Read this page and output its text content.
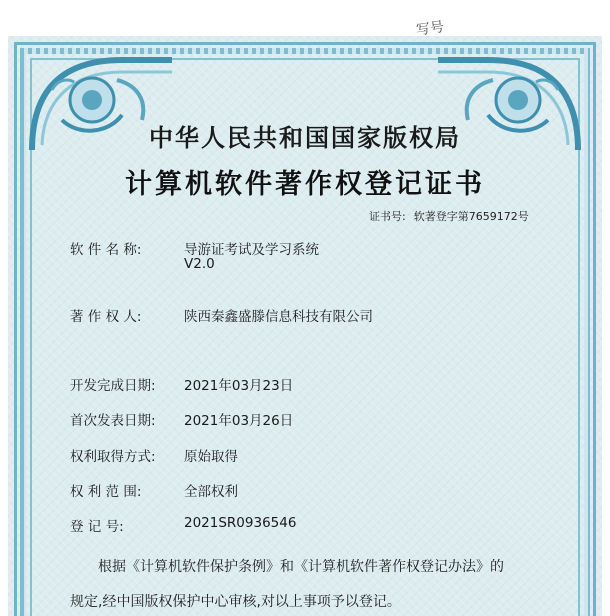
写号
中华人民共和国国家版权局
计算机软件著作权登记证书
证书号: 软著登字第7659172号
软 件 名 称:	导游证考试及学习系统
V2.0
著 作 权 人:	陕西秦鑫盛滕信息科技有限公司
开发完成日期: 2021年03月23日
首次发表日期: 2021年03月26日
权利取得方式: 原始取得
权 利 范 围:	全部权利
登 记 号:	2021SR0936546
根据《计算机软件保护条例》和《计算机软件著作权登记办法》的
规定,经中国版权保护中心审核,对以上事项予以登记。
